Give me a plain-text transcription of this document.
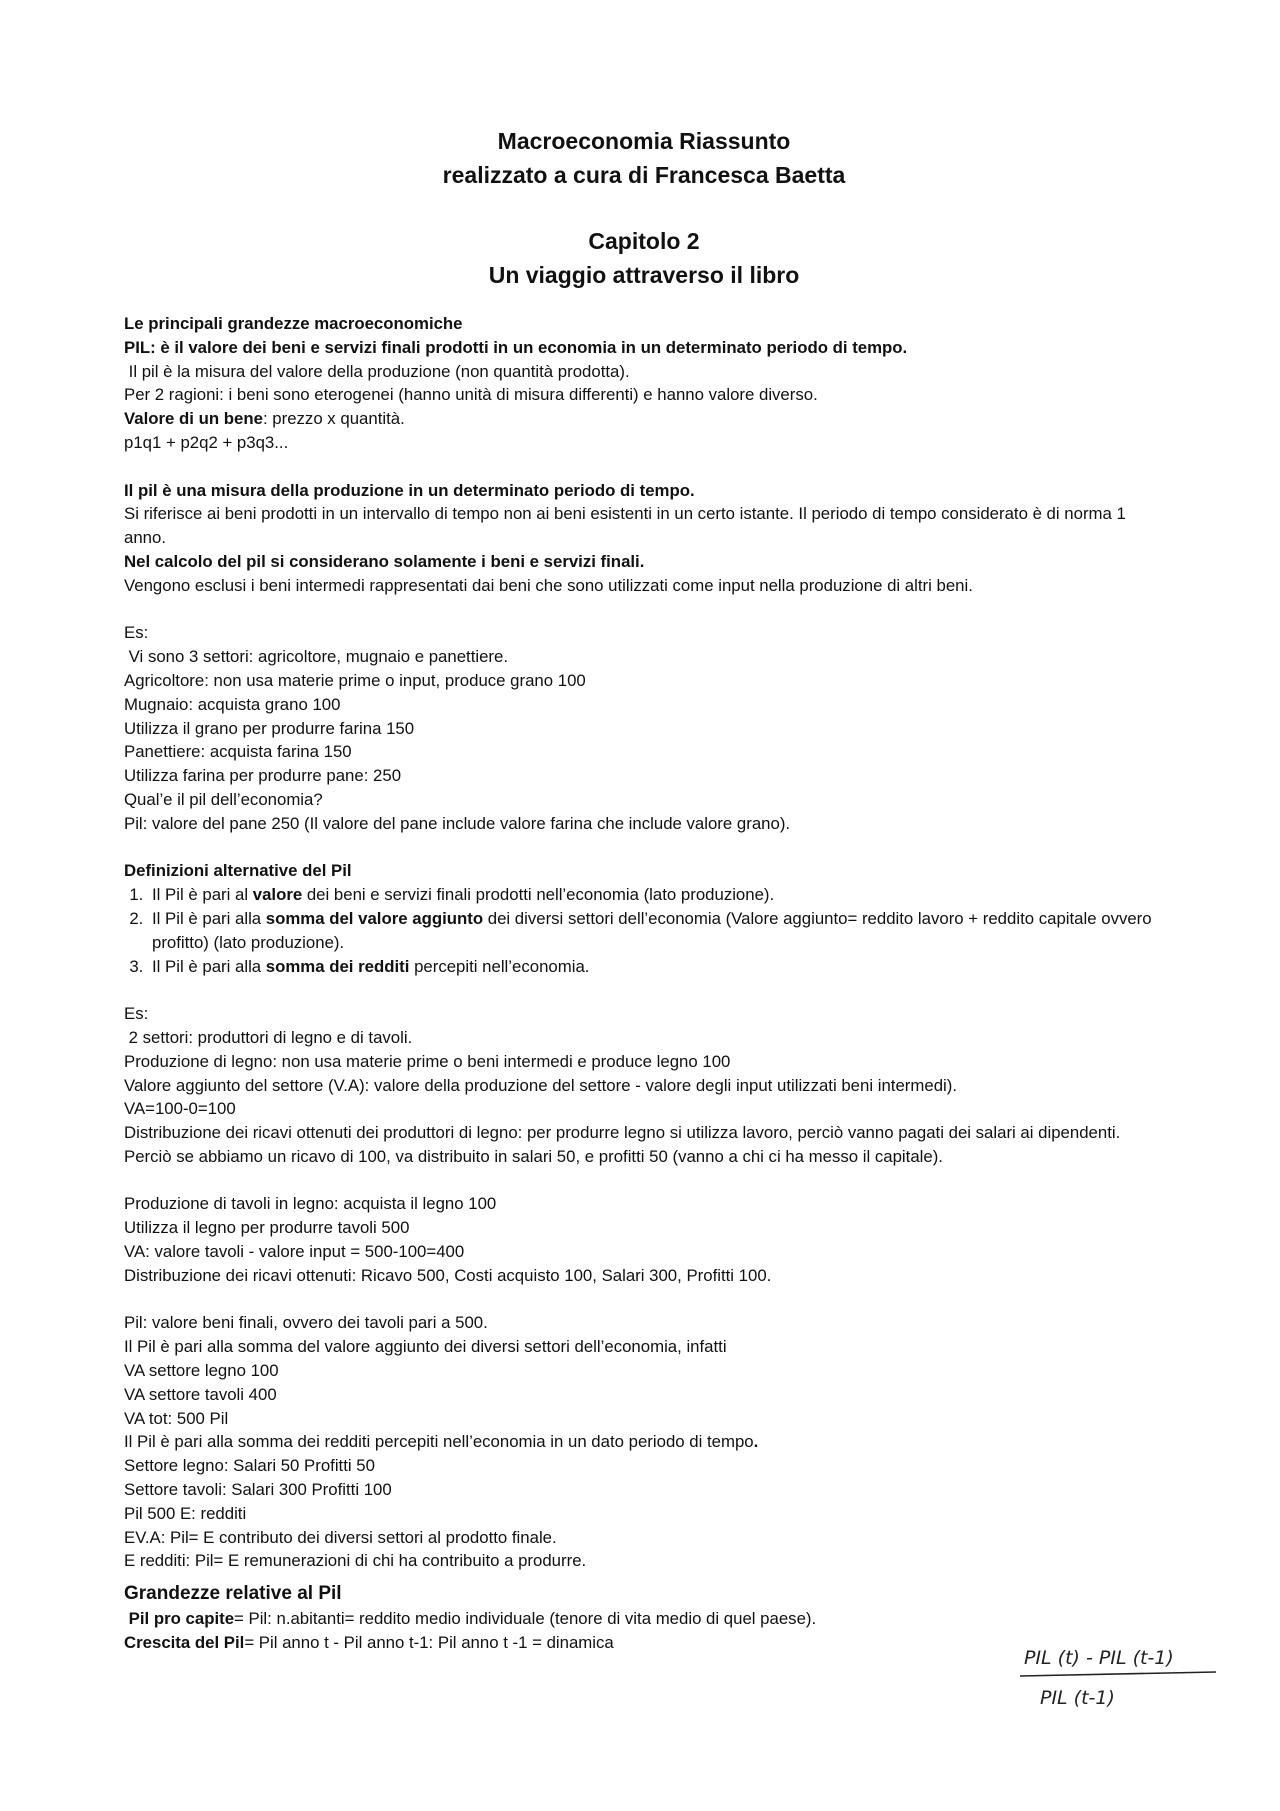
Macroeconomia Riassunto
realizzato a cura di Francesca Baetta
Capitolo 2
Un viaggio attraverso il libro
Le principali grandezze macroeconomiche
PIL: è il valore dei beni e servizi finali prodotti in un economia in un determinato periodo di tempo.
Il pil è la misura del valore della produzione (non quantità prodotta).
Per 2 ragioni: i beni sono eterogenei (hanno unità di misura differenti) e hanno valore diverso.
Valore di un bene: prezzo x quantità.
p1q1 + p2q2 + p3q3...
Il pil è una misura della produzione in un determinato periodo di tempo.
Si riferisce ai beni prodotti in un intervallo di tempo non ai beni esistenti in un certo istante. Il periodo di tempo considerato è di norma 1 anno.
Nel calcolo del pil si considerano solamente i beni e servizi finali.
Vengono esclusi i beni intermedi rappresentati dai beni che sono utilizzati come input nella produzione di altri beni.
Es:
Vi sono 3 settori: agricoltore, mugnaio e panettiere.
Agricoltore: non usa materie prime o input, produce grano 100
Mugnaio: acquista grano 100
Utilizza il grano per produrre farina 150
Panettiere: acquista farina 150
Utilizza farina per produrre pane: 250
Qual’e il pil dell’economia?
Pil: valore del pane 250 (Il valore del pane include valore farina che include valore grano).
Definizioni alternative del Pil
1. Il Pil è pari al valore dei beni e servizi finali prodotti nell’economia (lato produzione).
2. Il Pil è pari alla somma del valore aggiunto dei diversi settori dell’economia (Valore aggiunto= reddito lavoro + reddito capitale ovvero profitto) (lato produzione).
3. Il Pil è pari alla somma dei redditi percepiti nell’economia.
Es:
2 settori: produttori di legno e di tavoli.
Produzione di legno: non usa materie prime o beni intermedi e produce legno 100
Valore aggiunto del settore (V.A): valore della produzione del settore - valore degli input utilizzati beni intermedi).
VA=100-0=100
Distribuzione dei ricavi ottenuti dei produttori di legno: per produrre legno si utilizza lavoro, perciò vanno pagati dei salari ai dipendenti.
Perciò se abbiamo un ricavo di 100, va distribuito in salari 50, e profitti 50 (vanno a chi ci ha messo il capitale).
Produzione di tavoli in legno: acquista il legno 100
Utilizza il legno per produrre tavoli 500
VA: valore tavoli - valore input = 500-100=400
Distribuzione dei ricavi ottenuti: Ricavo 500, Costi acquisto 100, Salari 300, Profitti 100.
Pil: valore beni finali, ovvero dei tavoli pari a 500.
Il Pil è pari alla somma del valore aggiunto dei diversi settori dell’economia, infatti
VA settore legno 100
VA settore tavoli 400
VA tot: 500 Pil
Il Pil è pari alla somma dei redditi percepiti nell’economia in un dato periodo di tempo.
Settore legno: Salari 50 Profitti 50
Settore tavoli: Salari 300 Profitti 100
Pil 500 E: redditi
EV.A: Pil= E contributo dei diversi settori al prodotto finale.
E redditi: Pil= E remunerazioni di chi ha contribuito a produrre.
Grandezze relative al Pil
Pil pro capite= Pil: n.abitanti= reddito medio individuale (tenore di vita medio di quel paese).
Crescita del Pil= Pil anno t - Pil anno t-1: Pil anno t -1 = dinamica
PIL (t) - PIL (t-1)
PIL (t-1)
